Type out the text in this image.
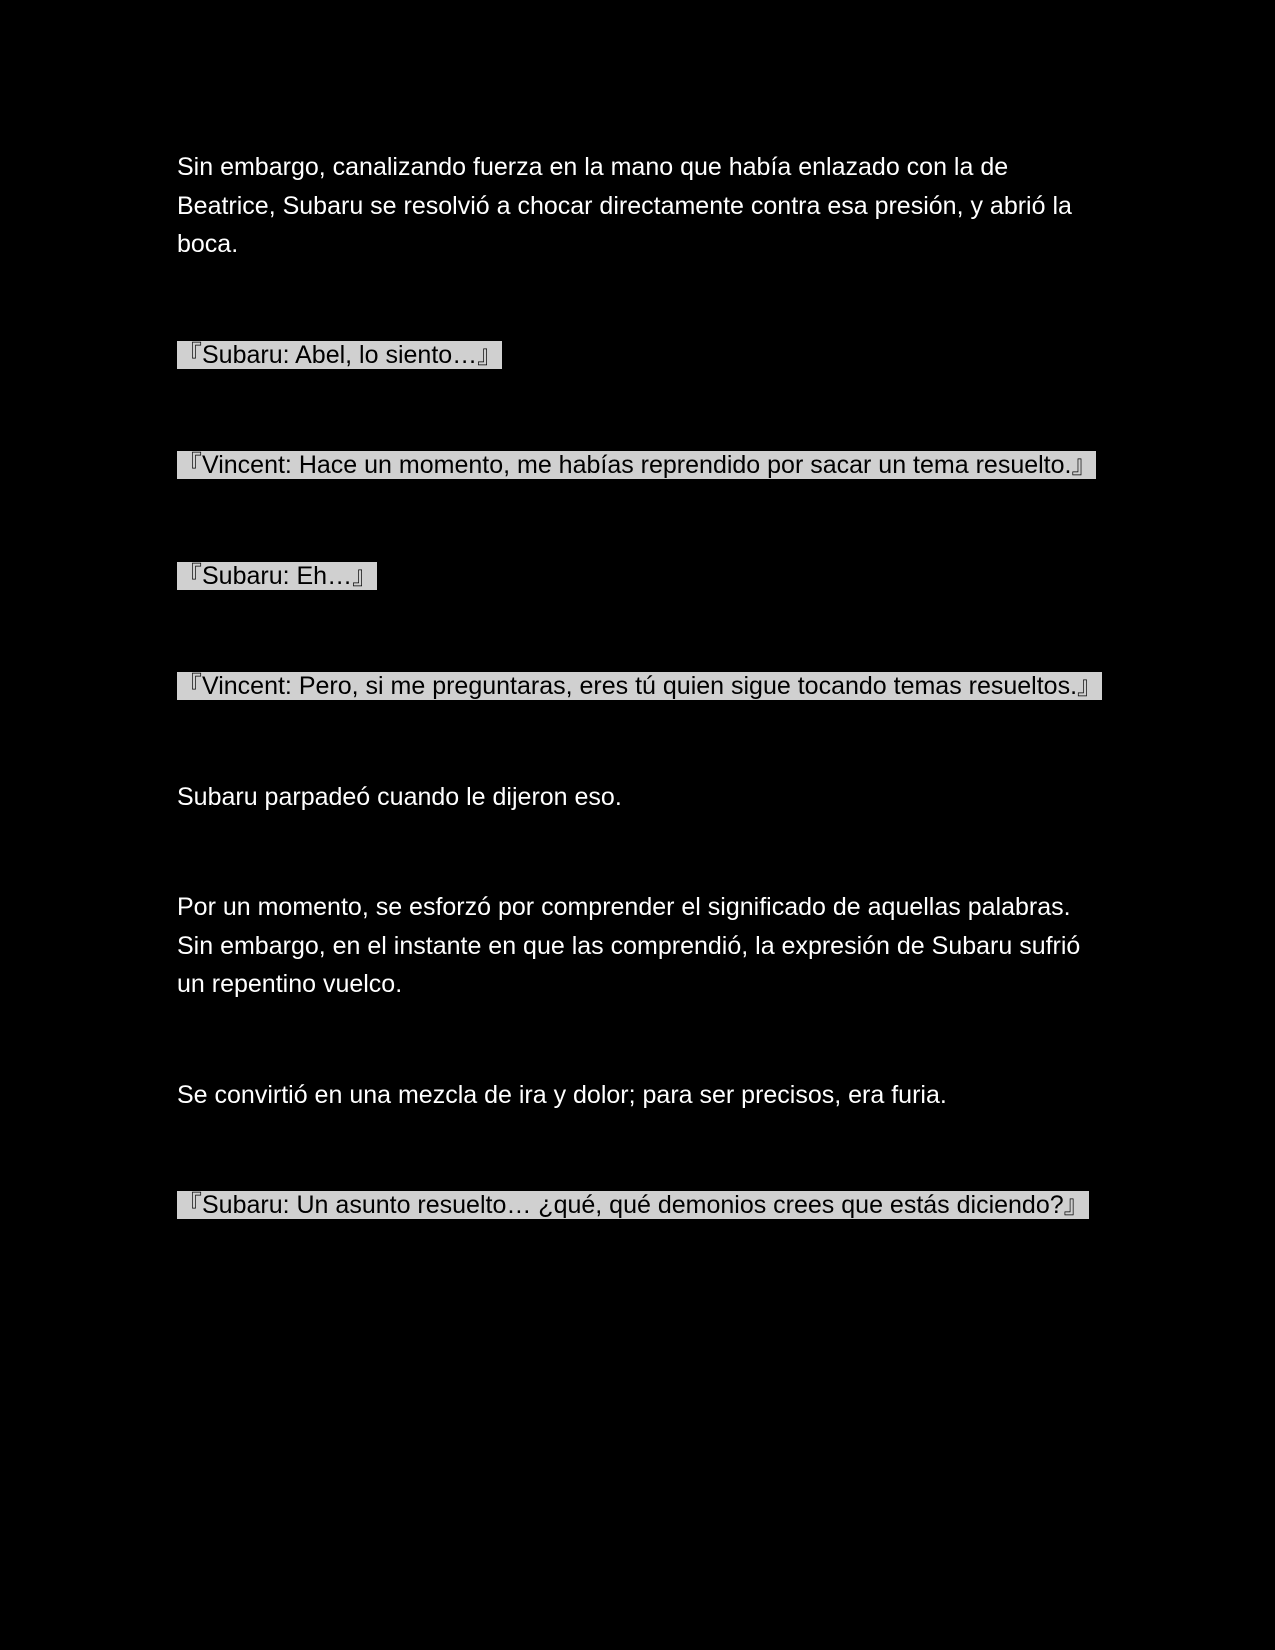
Sin embargo, canalizando fuerza en la mano que había enlazado con la de Beatrice, Subaru se resolvió a chocar directamente contra esa presión, y abrió la boca.

『Subaru: Abel, lo siento…』

『Vincent: Hace un momento, me habías reprendido por sacar un tema resuelto.』

『Subaru: Eh…』

『Vincent: Pero, si me preguntaras, eres tú quien sigue tocando temas resueltos.』

Subaru parpadeó cuando le dijeron eso.

Por un momento, se esforzó por comprender el significado de aquellas palabras. Sin embargo, en el instante en que las comprendió, la expresión de Subaru sufrió un repentino vuelco.

Se convirtió en una mezcla de ira y dolor; para ser precisos, era furia.

『Subaru: Un asunto resuelto… ¿qué, qué demonios crees que estás diciendo?』
